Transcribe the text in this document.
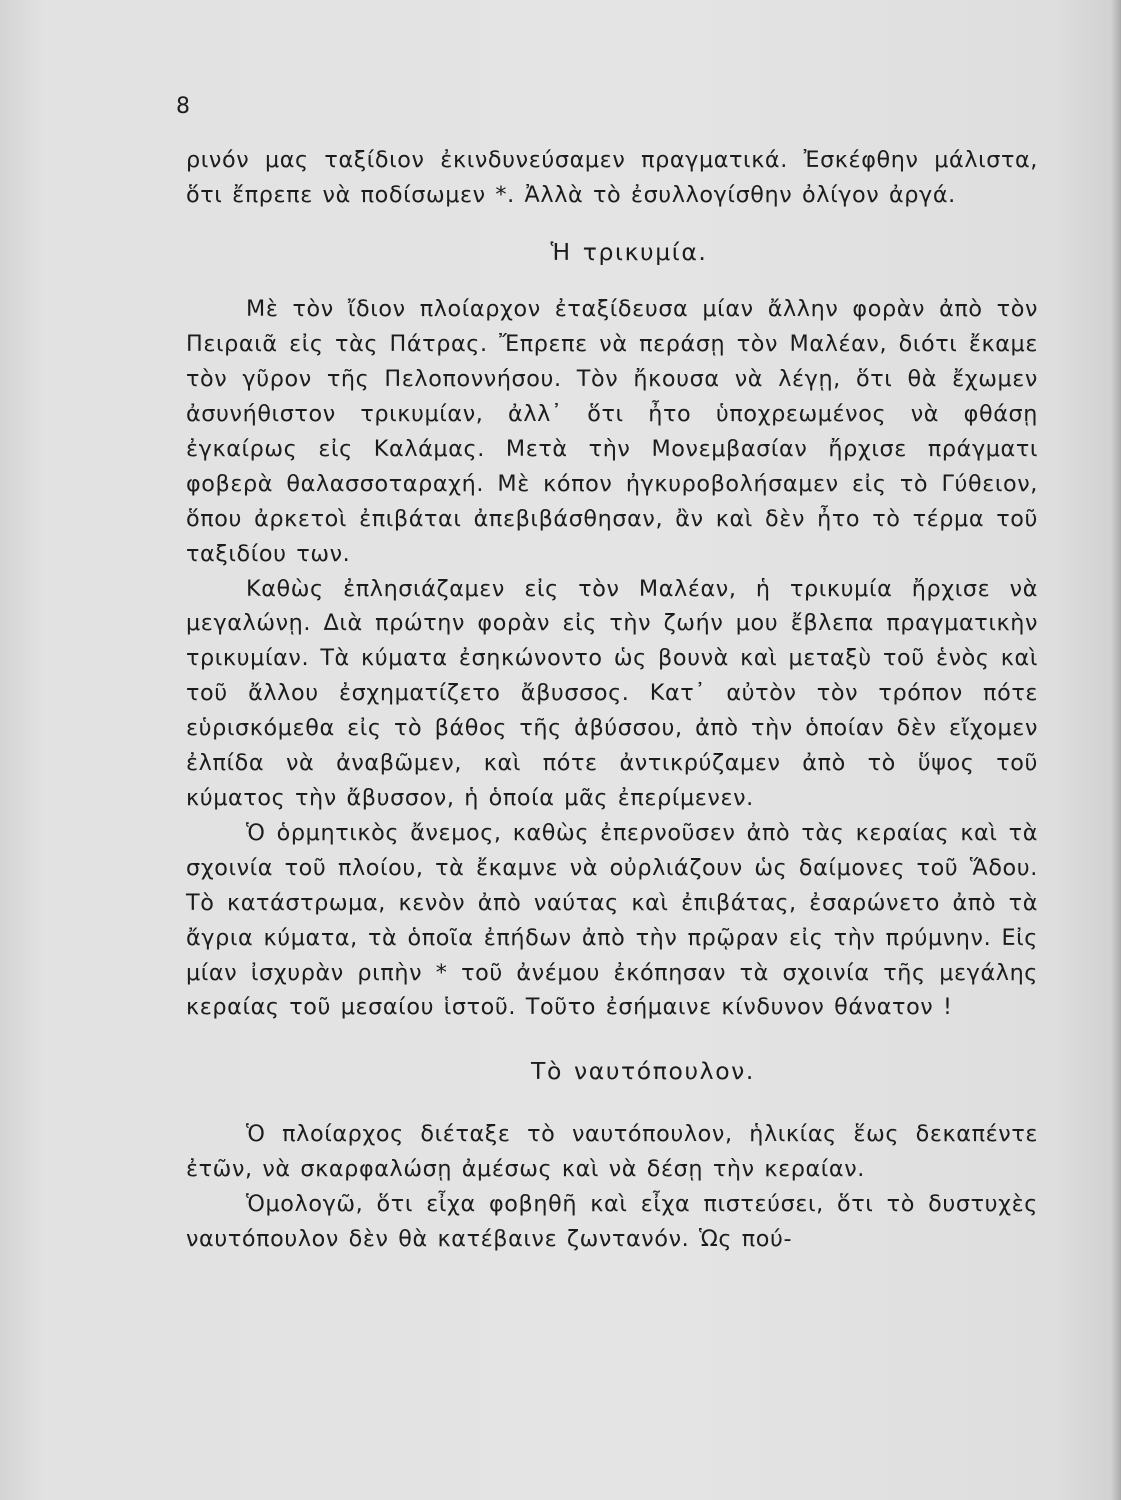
8

ρινόν μας ταξίδιον ἐκινδυνεύσαμεν πραγματικά. Ἐσκέφθην μάλιστα, ὅτι ἔπρεπε νὰ ποδίσωμεν *. Ἀλλὰ τὸ ἐσυλλογίσθην ὀλίγον ἀργά.

Ἡ τρικυμία.

Μὲ τὸν ἴδιον πλοίαρχον ἐταξίδευσα μίαν ἄλλην φορὰν ἀπὸ τὸν Πειραιᾶ εἰς τὰς Πάτρας. Ἔπρεπε νὰ περάσῃ τὸν Μαλέαν, διότι ἔκαμε τὸν γῦρον τῆς Πελοποννήσου. Τὸν ἤκουσα νὰ λέγῃ, ὅτι θὰ ἔχωμεν ἀσυνήθιστον τρικυμίαν, ἀλλ᾽ ὅτι ἦτο ὑποχρεωμένος νὰ φθάσῃ ἐγκαίρως εἰς Καλάμας. Μετὰ τὴν Μονεμβασίαν ἤρχισε πράγματι φοβερὰ θαλασσοταραχή. Μὲ κόπον ἠγκυροβολήσαμεν εἰς τὸ Γύθειον, ὅπου ἀρκετοὶ ἐπιβάται ἀπεβιβάσθησαν, ἂν καὶ δὲν ἦτο τὸ τέρμα τοῦ ταξιδίου των.

Καθὼς ἐπλησιάζαμεν εἰς τὸν Μαλέαν, ἡ τρικυμία ἤρχισε νὰ μεγαλώνῃ. Διὰ πρώτην φορὰν εἰς τὴν ζωήν μου ἔβλεπα πραγματικὴν τρικυμίαν. Τὰ κύματα ἐσηκώνοντο ὡς βουνὰ καὶ μεταξὺ τοῦ ἑνὸς καὶ τοῦ ἄλλου ἐσχηματίζετο ἄβυσσος. Κατ᾽ αὐτὸν τὸν τρόπον πότε εὑρισκόμεθα εἰς τὸ βάθος τῆς ἀβύσσου, ἀπὸ τὴν ὁποίαν δὲν εἴχομεν ἐλπίδα νὰ ἀναβῶμεν, καὶ πότε ἀντικρύζαμεν ἀπὸ τὸ ὕψος τοῦ κύματος τὴν ἄβυσσον, ἡ ὁποία μᾶς ἐπερίμενεν.

Ὁ ὁρμητικὸς ἄνεμος, καθὼς ἐπερνοῦσεν ἀπὸ τὰς κεραίας καὶ τὰ σχοινία τοῦ πλοίου, τὰ ἔκαμνε νὰ οὐρλιάζουν ὡς δαίμονες τοῦ Ἅδου. Τὸ κατάστρωμα, κενὸν ἀπὸ ναύτας καὶ ἐπιβάτας, ἐσαρώνετο ἀπὸ τὰ ἄγρια κύματα, τὰ ὁποῖα ἐπήδων ἀπὸ τὴν πρῷραν εἰς τὴν πρύμνην. Εἰς μίαν ἰσχυρὰν ριπὴν * τοῦ ἀνέμου ἐκόπησαν τὰ σχοινία τῆς μεγάλης κεραίας τοῦ μεσαίου ἱστοῦ. Τοῦτο ἐσήμαινε κίνδυνον θάνατον !

Τὸ ναυτόπουλον.

Ὁ πλοίαρχος διέταξε τὸ ναυτόπουλον, ἡλικίας ἕως δεκαπέντε ἐτῶν, νὰ σκαρφαλώσῃ ἀμέσως καὶ νὰ δέσῃ τὴν κεραίαν.

Ὁμολογῶ, ὅτι εἶχα φοβηθῆ καὶ εἶχα πιστεύσει, ὅτι τὸ δυστυχὲς ναυτόπουλον δὲν θὰ κατέβαινε ζωντανόν. Ὡς πού-
